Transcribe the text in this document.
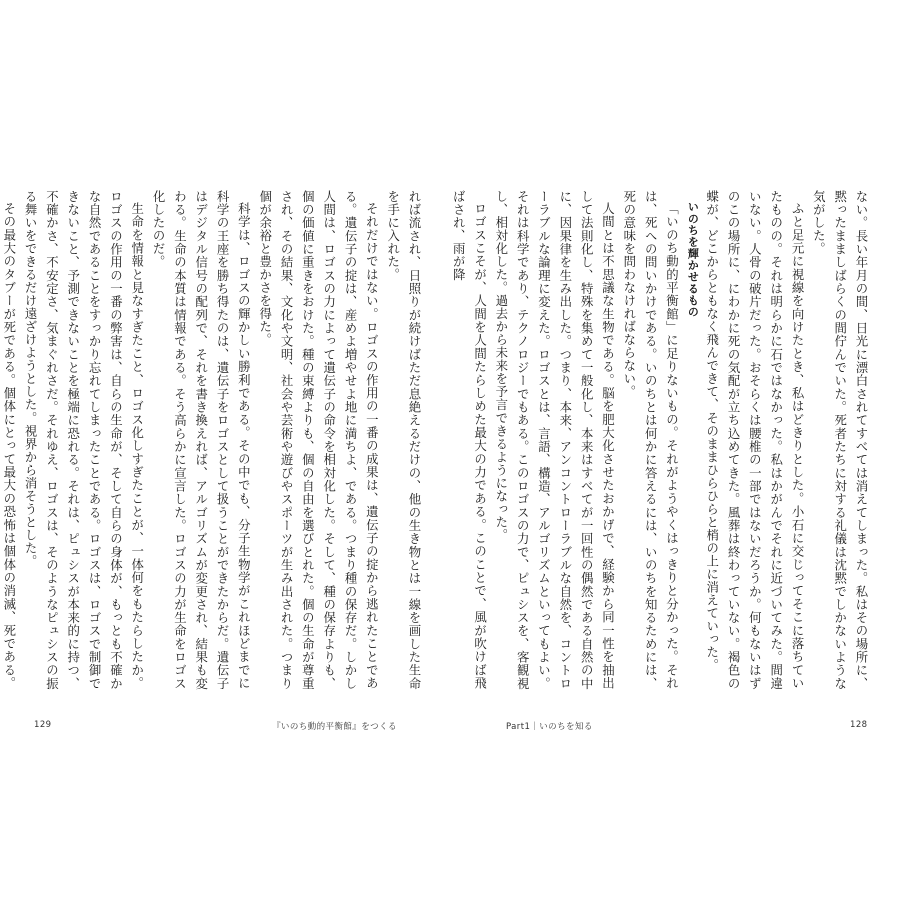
れば流され、日照りが続けばただ息絶えるだけの、他の生き物とは一線を画した生命を手に入れた。

それだけではない。ロゴスの作用の一番の成果は、遺伝子の掟から逃れたことである。遺伝子の掟は、産めよ増やせよ地に満ちよ、である。つまり種の保存だ。しかし人間は、ロゴスの力によって遺伝子の命令を相対化した。そして、種の保存よりも、個の価値に重きをおけた。種の束縛よりも、個の自由を選びとれた。個の生命が尊重され、その結果、文化や文明、社会や芸術や遊びやスポーツが生み出された。つまり個が余裕と豊かさを得た。

科学は、ロゴスの輝かしい勝利である。その中でも、分子生物学がこれほどまでに科学の王座を勝ち得たのは、遺伝子をロゴスとして扱うことができたからだ。遺伝子はデジタル信号の配列で、それを書き換えれば、アルゴリズムが変更され、結果も変わる。生命の本質は情報である。そう高らかに宣言した。ロゴスの力が生命をロゴス化したのだ。

生命を情報と見なすぎたこと、ロゴス化しすぎたことが、一体何をもたらしたか。ロゴスの作用の一番の弊害は、自らの生命が、そして自らの身体が、もっとも不確かな自然であることをすっかり忘れてしまったことである。ロゴスは、ロゴスで制御できないこと、予測できないことを極端に恐れる。それは、ピュシスが本来的に持つ、不確かさ、不安定さ、気まぐれさだ。それゆえ、ロゴスは、そのようなピュシスの振る舞いをできるだけ遠ざけようとした。視界から消そうとした。

その最大のタブーが死である。個体にとって最大の恐怖は個体の消滅、死である。

129	『いのち動的平衡館』をつくる

ない。長い年月の間、日光に漂白されてすべては消えてしまった。私はその場所に、黙ったまましばらくの間佇んでいた。死者たちに対する礼儀は沈黙でしかないような気がした。

ふと足元に視線を向けたとき、私はどきりとした。小石に交じってそこに落ちていたものの。それは明らかに石ではなかった。私はかがんでそれに近づいてみた。間違いない。人骨の破片だった。おそらくは腰椎の一部ではないだろうか。何もないはずのこの場所に、にわかに死の気配が立ち込めてきた。風葬は終わっていない。褐色の蝶が、どこからともなく飛んできて、そのままひらひらと梢の上に消えていった。

いのちを輝かせるもの

「いのち動的平衡館」に足りないもの。それがようやくはっきりと分かった。それは、死への問いかけである。いのちとは何かに答えるには、いのちを知るためには、死の意味を問わなければならない。

人間とは不思議な生物である。脳を肥大化させたおかげで、経験から同一性を抽出して法則化し、特殊を集めて一般化し、本来はすべてが一回性の偶然である自然の中に、因果律を生み出した。つまり、本来、アンコントローラブルな自然を、コントローラブルな論理に変えた。ロゴスとは、言語、構造、アルゴリズムといってもよい。それは科学であり、テクノロジーでもある。このロゴスの力で、ピュシスを、客観視し、相対化した。過去から未来を予言できるようになった。

ロゴスこそが、人間を人間たらしめた最大の力である。このことで、風が吹けば飛ばされ、雨が降

Part1｜いのちを知る	128
